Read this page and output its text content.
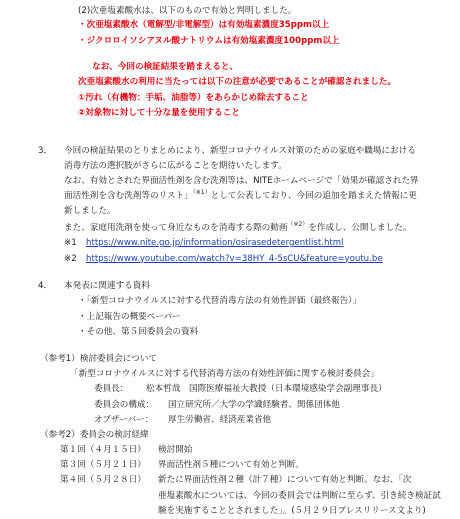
(2)次亜塩素酸水は、以下のもので有効と判明しました。
・次亜塩素酸水（電解型/非電解型）は有効塩素濃度35ppm以上
・ジクロロイソシアヌル酸ナトリウムは有効塩素濃度100ppm以上
なお、今回の検証結果を踏まえると、
次亜塩素酸水の利用に当たっては以下の注意が必要であることが確認されました。
①汚れ（有機物：手垢、油脂等）をあらかじめ除去すること
②対象物に対して十分な量を使用すること
3． 今回の検証結果のとりまとめにより、新型コロナウイルス対策のための家庭や職場における
消毒方法の選択肢がさらに広がることを期待いたします。
なお、有効とされた界面活性剤を含む洗剤等は、NITEホームページで「効果が確認された界
面活性剤を含む洗剤等のリスト」$^{(※1)}$として公表しており、今回の追加を踏まえた情報に更
新しました。
また、家庭用洗剤を使って身近なものを消毒する際の動画$^{(※2)}$を作成し、公開しました。
※1 https://www.nite.go.jp/information/osirasedetergentlist.html
※2 https://www.youtube.com/watch?v=38HY_4-5sCU&feature=youtu.be
4． 本発表に関連する資料
・「新型コロナウイルスに対する代替消毒方法の有効性評価（最終報告）」
・上記報告の概要ペーパー
・その他、第５回委員会の資料
（参考1）検討委員会について
「新型コロナウイルスに対する代替消毒方法の有効性評価に関する検討委員会」
委員長： 松本哲哉　国際医療福祉大教授（日本環境感染学会副理事長）
委員会の構成： 国立研究所／大学の学識経験者、関係団体他
オブザーバー： 厚生労働省、経済産業省他
（参考2）委員会の検討経緯
第１回（４月１５日） 検討開始
第３回（５月２１日） 界面活性剤５種について有効と判断。
第４回（５月２８日） 新たに界面活性剤２種（計７種）について有効と判断。なお、「次
亜塩素酸水については、今回の委員会では判断に至らず、引き続き検証試
験を実施することとされました」。(５月２９日プレスリリース文より)
